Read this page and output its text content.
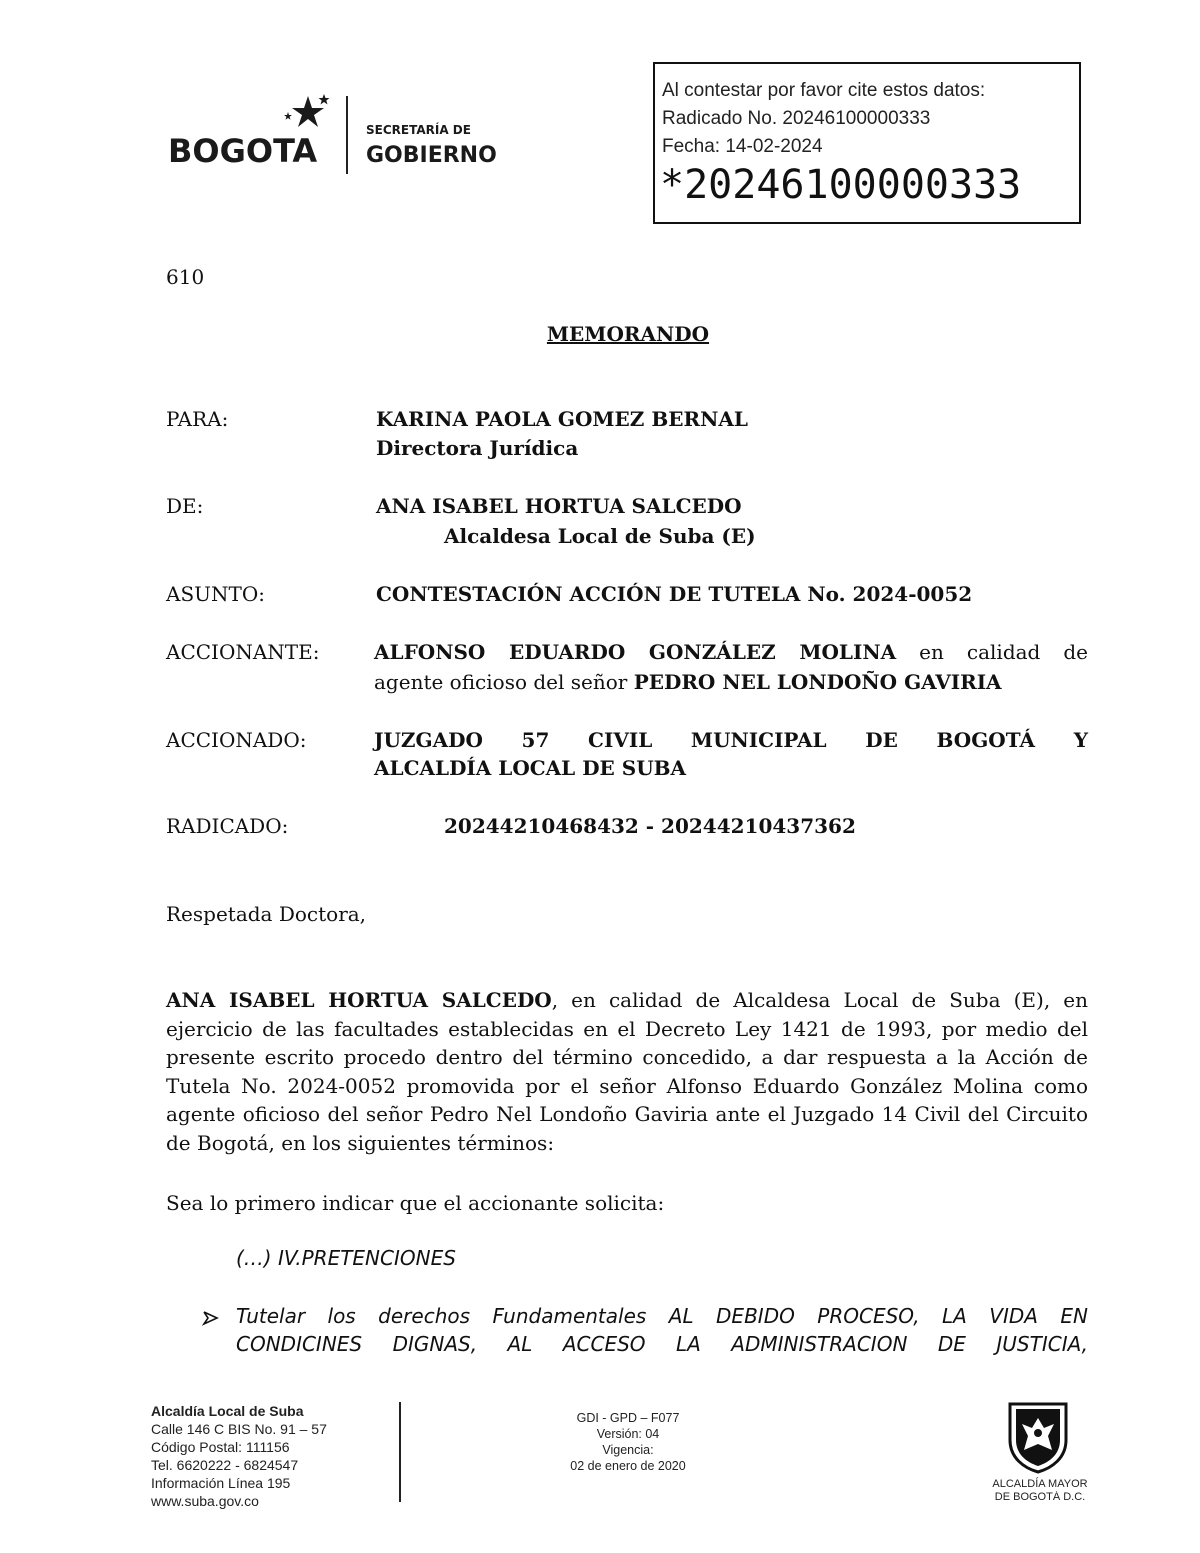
BOGOTA
SECRETARÍA DE
GOBIERNO
Al contestar por favor cite estos datos:
Radicado No. 20246100000333
Fecha: 14-02-2024
*20246100000333
610
MEMORANDO
PARA:	KARINA PAOLA GOMEZ BERNAL
Directora Jurídica
DE:	ANA ISABEL HORTUA SALCEDO
Alcaldesa Local de Suba (E)
ASUNTO:	CONTESTACIÓN ACCIÓN DE TUTELA No. 2024-0052
ACCIONANTE:	ALFONSO EDUARDO GONZÁLEZ MOLINA en calidad de
agente oficioso del señor PEDRO NEL LONDOÑO GAVIRIA
ACCIONADO:	JUZGADO 57 CIVIL MUNICIPAL DE BOGOTÁ Y
ALCALDÍA LOCAL DE SUBA
RADICADO:	20244210468432 - 20244210437362
Respetada Doctora,
ANA ISABEL HORTUA SALCEDO, en calidad de Alcaldesa Local de Suba (E), en ejercicio de las facultades establecidas en el Decreto Ley 1421 de 1993, por medio del presente escrito procedo dentro del término concedido, a dar respuesta a la Acción de Tutela No. 2024-0052 promovida por el señor Alfonso Eduardo González Molina como agente oficioso del señor Pedro Nel Londoño Gaviria ante el Juzgado 14 Civil del Circuito de Bogotá, en los siguientes términos:
Sea lo primero indicar que el accionante solicita:
(…) IV.PRETENCIONES
Tutelar los derechos Fundamentales AL DEBIDO PROCESO, LA VIDA EN
CONDICINES DIGNAS, AL ACCESO LA ADMINISTRACION DE JUSTICIA,
Alcaldía Local de Suba
Calle 146 C BIS No. 91 – 57
Código Postal: 111156
Tel. 6620222 - 6824547
Información Línea 195
www.suba.gov.co
GDI - GPD – F077
Versión: 04
Vigencia:
02 de enero de 2020
ALCALDÍA MAYOR
DE BOGOTÁ D.C.
